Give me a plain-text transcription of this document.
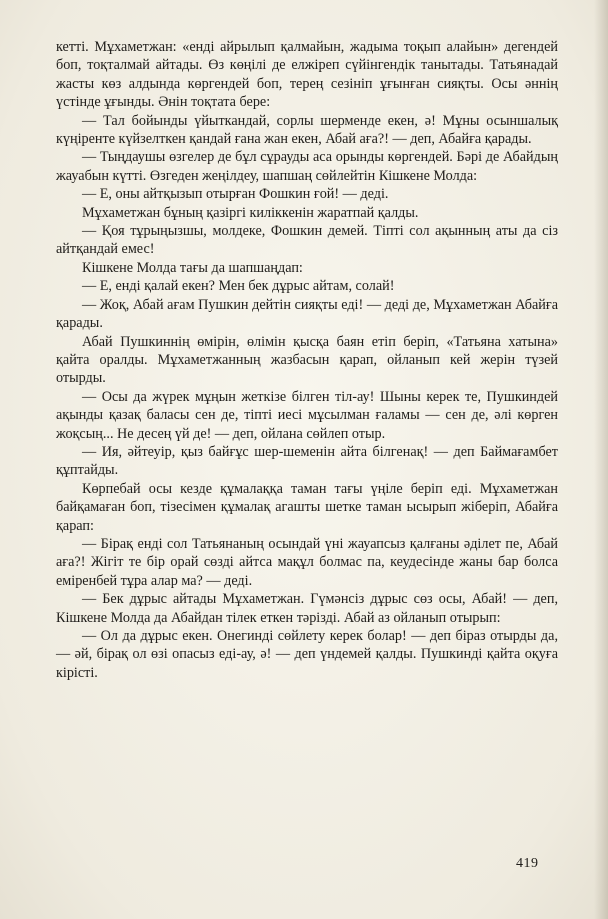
кетті. Мұхаметжан: «енді айрылып қалмайын, жадыма тоқып алайын» дегендей боп, тоқталмай айтады. Өз көңілі де елжіреп сүйінгендік танытады. Татьянадай жасты көз алдында көргендей боп, терең сезініп ұғынған сияқты. Осы әннің үстінде ұғынды. Әнін тоқтата бере:

— Тал бойынды үйыткандай, сорлы шерменде екен, ә! Мұны осыншалық күңіренте күйзелткен қандай ғана жан екен, Абай аға?! — деп, Абайға қарады.

— Тыңдаушы өзгелер де бұл сұрауды аса орынды көргендей. Бәрі де Абайдың жауабын күтті. Өзгеден жеңілдеу, шапшаң сөйлейтін Кішкене Молда:

— Е, оны айтқызып отырған Фошкин ғой! — деді.

Мұхаметжан бұның қазіргі киліккенін жаратпай қалды.

— Қоя тұрыңызшы, молдеке, Фошкин демей. Тіпті сол ақынның аты да сіз айтқандай емес!

Кішкене Молда тағы да шапшаңдап:

— Е, енді қалай екен? Мен бек дұрыс айтам, солай!

— Жоқ, Абай ағам Пушкин дейтін сияқты еді! — деді де, Мұхаметжан Абайға қарады.

Абай Пушкиннің өмірін, өлімін қысқа баян етіп беріп, «Татьяна хатына» қайта оралды. Мұхаметжанның жазбасын қарап, ойланып кей жерін түзей отырды.

— Осы да жүрек мұңын жеткізе білген тіл-ау! Шыны керек те, Пушкиндей ақынды қазақ баласы сен де, тіпті иесі мұсылман ғаламы — сен де, әлі көрген жоқсың... Не десең үй де! — деп, ойлана сөйлеп отыр.

— Ия, әйтеуір, қыз байғұс шер-шеменін айта білгенақ! — деп Баймағамбет құптайды.

Көрпебай осы кезде құмалаққа таман тағы үңіле беріп еді. Мұхаметжан байқамаған боп, тізесімен құмалақ агашты шетке таман ысырып жіберіп, Абайға қарап:

— Бірақ енді сол Татьянаның осындай үні жауапсыз қалғаны әділет пе, Абай аға?! Жігіт те бір орай сөзді айтса мақұл болмас па, кеудесінде жаны бар болса еміренбей тұра алар ма? — деді.

— Бек дұрыс айтады Мұхаметжан. Гүмәнсіз дұрыс сөз осы, Абай! — деп, Кішкене Молда да Абайдан тілек еткен тәрізді. Абай аз ойланып отырып:

— Ол да дұрыс екен. Онегинді сөйлету керек болар! — деп біраз отырды да, — әй, бірақ ол өзі опасыз еді-ау, ә! — деп үндемей қалды. Пушкинді қайта оқуға кірісті.

419
